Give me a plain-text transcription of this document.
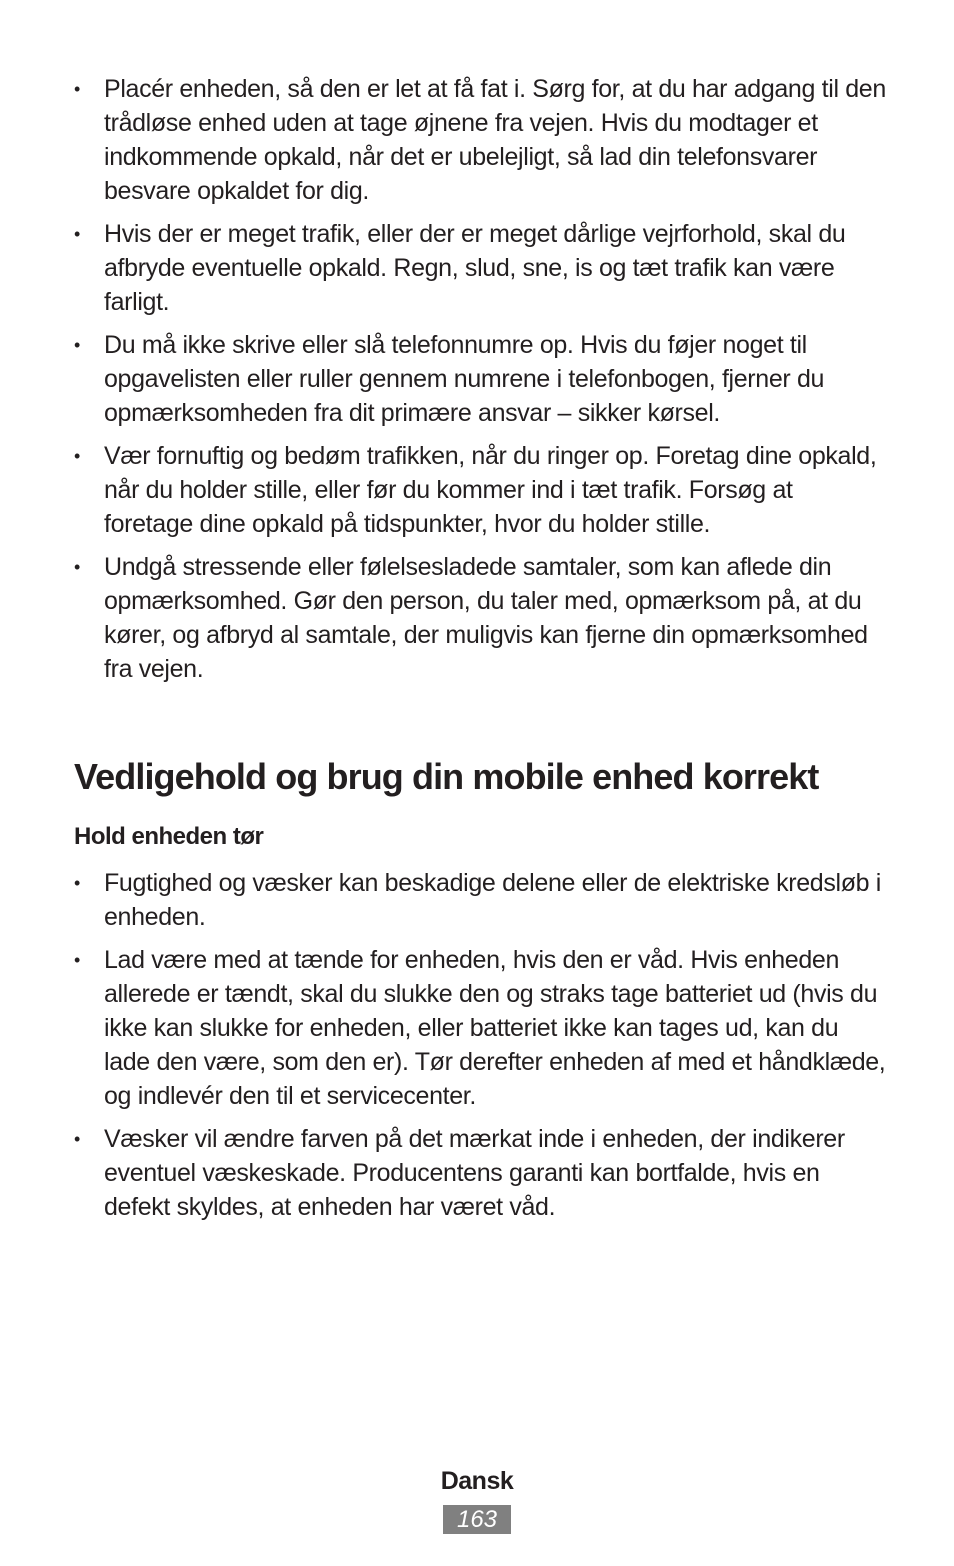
• Placér enheden, så den er let at få fat i. Sørg for, at du har adgang til den trådløse enhed uden at tage øjnene fra vejen. Hvis du modtager et indkommende opkald, når det er ubelejligt, så lad din telefonsvarer besvare opkaldet for dig.
• Hvis der er meget trafik, eller der er meget dårlige vejrforhold, skal du afbryde eventuelle opkald. Regn, slud, sne, is og tæt trafik kan være farligt.
• Du må ikke skrive eller slå telefonnumre op. Hvis du føjer noget til opgavelisten eller ruller gennem numrene i telefonbogen, fjerner du opmærksomheden fra dit primære ansvar – sikker kørsel.
• Vær fornuftig og bedøm trafikken, når du ringer op. Foretag dine opkald, når du holder stille, eller før du kommer ind i tæt trafik. Forsøg at foretage dine opkald på tidspunkter, hvor du holder stille.
• Undgå stressende eller følelsesladede samtaler, som kan aflede din opmærksomhed. Gør den person, du taler med, opmærksom på, at du kører, og afbryd al samtale, der muligvis kan fjerne din opmærksomhed fra vejen.
Vedligehold og brug din mobile enhed korrekt
Hold enheden tør
• Fugtighed og væsker kan beskadige delene eller de elektriske kredsløb i enheden.
• Lad være med at tænde for enheden, hvis den er våd. Hvis enheden allerede er tændt, skal du slukke den og straks tage batteriet ud (hvis du ikke kan slukke for enheden, eller batteriet ikke kan tages ud, kan du lade den være, som den er). Tør derefter enheden af med et håndklæde, og indlevér den til et servicecenter.
• Væsker vil ændre farven på det mærkat inde i enheden, der indikerer eventuel væskeskade. Producentens garanti kan bortfalde, hvis en defekt skyldes, at enheden har været våd.
Dansk
163
